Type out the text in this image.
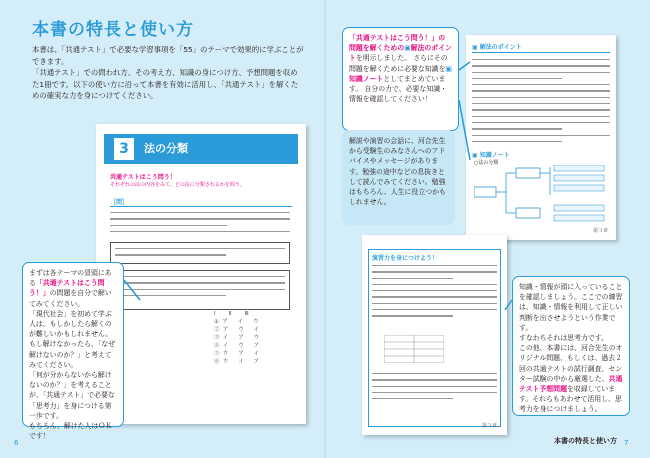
本書の特長と使い方

本書は、「共通テスト」で必要な学習事項を「55」のテーマで効果的に学ぶことができます。

「共通テスト」での問われ方、その考え方、知識の身につけ方、予想問題を収めた1冊です。以下の使い方に沿って本書を有効に活用し、「共通テスト」を解くための確実な力を身につけてください。

3	法の分類
共通テストはこう問う！
それぞれの法の内容をみて、どの法に分類されるかを問う。
［問］
Ⅰ    Ⅱ    Ⅲ
① ア   イ   ウ
② ア   ウ   イ
③ イ   ア   ウ
④ イ   ウ   ア
⑤ ウ   ア   イ
⑥ ウ   イ   ア
▣ 解法のポイント
▣ 知識ノート
○法の分類
第３章
演習力を身につけよう！
第３章
まずは各テーマの冒頭にある「共通テストはこう問う！」の問題を自分で解いてみてください。
「現代社会」を初めて学ぶ人は、もしかしたら解くのが難しいかもしれません。
もし解けなかったら、「なぜ解けないのか？」と考えてみてください。
「何が分からないから解けないのか？」を考えることが、「共通テスト」で必要な「思考力」を身につける第一歩です。
もちろん、解けた人はＯＫです！
「共通テストはこう問う！」の問題を解くための▣解法のポイントを明示しました。 さらにその問題を解くために必要な知識を▣知識ノートとしてまとめています。 自分の力で、必要な知識・情報を確認してください！
解説や演習の会話に、河合先生から受験生のみなさんへのアドバイスやメッセージがあります。勉強の途中などの息抜きとして読んでみてください。勉強はもちろん、人生に役立つかもしれません。
知識・情報が頭に入っていることを確認しましょう。ここでの練習は、知識・情報を利用して正しい判断を出させようという作業です。
すなわちそれは思考力です。
この他、本書には、河合先生のオリジナル問題、もしくは、過去２回の共通テストの試行調査、センター試験の中から厳選した、共通テスト予想問題を収録しています。それらもあわせて活用し、思考力を身につけましょう。
6	本書の特長と使い方 7
